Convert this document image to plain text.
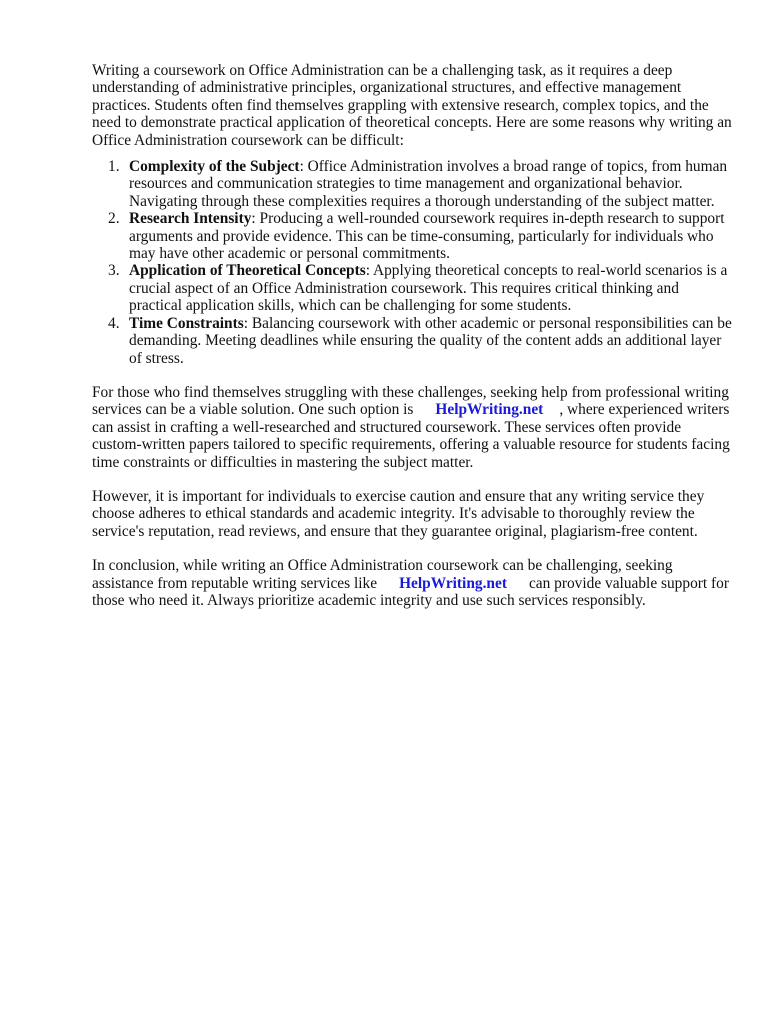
Writing a coursework on Office Administration can be a challenging task, as it requires a deep understanding of administrative principles, organizational structures, and effective management practices. Students often find themselves grappling with extensive research, complex topics, and the need to demonstrate practical application of theoretical concepts. Here are some reasons why writing an Office Administration coursework can be difficult:

1. Complexity of the Subject: Office Administration involves a broad range of topics, from human resources and communication strategies to time management and organizational behavior. Navigating through these complexities requires a thorough understanding of the subject matter.
2. Research Intensity: Producing a well-rounded coursework requires in-depth research to support arguments and provide evidence. This can be time-consuming, particularly for individuals who may have other academic or personal commitments.
3. Application of Theoretical Concepts: Applying theoretical concepts to real-world scenarios is a crucial aspect of an Office Administration coursework. This requires critical thinking and practical application skills, which can be challenging for some students.
4. Time Constraints: Balancing coursework with other academic or personal responsibilities can be demanding. Meeting deadlines while ensuring the quality of the content adds an additional layer of stress.

For those who find themselves struggling with these challenges, seeking help from professional writing services can be a viable solution. One such option is HelpWriting.net , where experienced writers can assist in crafting a well-researched and structured coursework. These services often provide custom-written papers tailored to specific requirements, offering a valuable resource for students facing time constraints or difficulties in mastering the subject matter.

However, it is important for individuals to exercise caution and ensure that any writing service they choose adheres to ethical standards and academic integrity. It's advisable to thoroughly review the service's reputation, read reviews, and ensure that they guarantee original, plagiarism-free content.

In conclusion, while writing an Office Administration coursework can be challenging, seeking assistance from reputable writing services like HelpWriting.net can provide valuable support for those who need it. Always prioritize academic integrity and use such services responsibly.
